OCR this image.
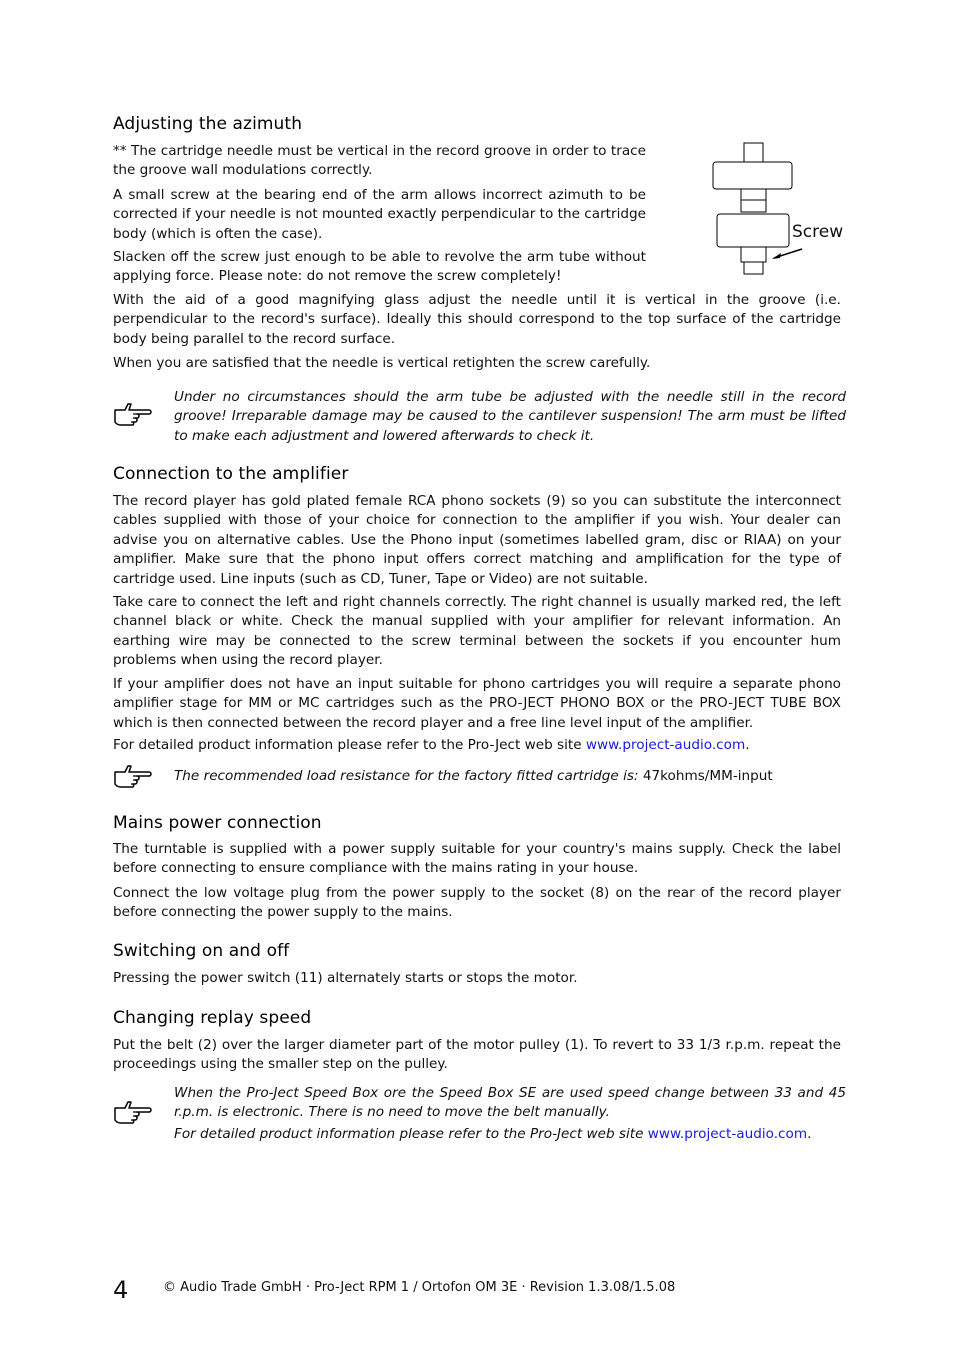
Adjusting the azimuth

** The cartridge needle must be vertical in the record groove in order to trace the groove wall modulations correctly.

A small screw at the bearing end of the arm allows incorrect azimuth to be corrected if your needle is not mounted exactly perpendicular to the cartridge body (which is often the case).

Slacken off the screw just enough to be able to revolve the arm tube without applying force. Please note: do not remove the screw completely!

With the aid of a good magnifying glass adjust the needle until it is vertical in the groove (i.e. perpendicular to the record's surface). Ideally this should correspond to the top surface of the cartridge body being parallel to the record surface.

When you are satisfied that the needle is vertical retighten the screw carefully.

Under no circumstances should the arm tube be adjusted with the needle still in the record groove! Irreparable damage may be caused to the cantilever suspension! The arm must be lifted to make each adjustment and lowered afterwards to check it.

Connection to the amplifier

The record player has gold plated female RCA phono sockets (9) so you can substitute the interconnect cables supplied with those of your choice for connection to the amplifier if you wish. Your dealer can advise you on alternative cables. Use the Phono input (sometimes labelled gram, disc or RIAA) on your amplifier. Make sure that the phono input offers correct matching and amplification for the type of cartridge used. Line inputs (such as CD, Tuner, Tape or Video) are not suitable.

Take care to connect the left and right channels correctly. The right channel is usually marked red, the left channel black or white. Check the manual supplied with your amplifier for relevant information. An earthing wire may be connected to the screw terminal between the sockets if you encounter hum problems when using the record player.

If your amplifier does not have an input suitable for phono cartridges you will require a separate phono amplifier stage for MM or MC cartridges such as the PRO-JECT PHONO BOX or the PRO-JECT TUBE BOX which is then connected between the record player and a free line level input of the amplifier.

For detailed product information please refer to the Pro-Ject web site www.project-audio.com.

The recommended load resistance for the factory fitted cartridge is: 47kohms/MM-input

Mains power connection

The turntable is supplied with a power supply suitable for your country's mains supply. Check the label before connecting to ensure compliance with the mains rating in your house.

Connect the low voltage plug from the power supply to the socket (8) on the rear of the record player before connecting the power supply to the mains.

Switching on and off

Pressing the power switch (11) alternately starts or stops the motor.

Changing replay speed

Put the belt (2) over the larger diameter part of the motor pulley (1). To revert to 33 1/3 r.p.m. repeat the proceedings using the smaller step on the pulley.

When the Pro-Ject Speed Box ore the Speed Box SE are used speed change between 33 and 45 r.p.m. is electronic. There is no need to move the belt manually.

For detailed product information please refer to the Pro-Ject web site www.project-audio.com.

Screw
4	© Audio Trade GmbH · Pro-Ject RPM 1 / Ortofon OM 3E · Revision 1.3.08/1.5.08
